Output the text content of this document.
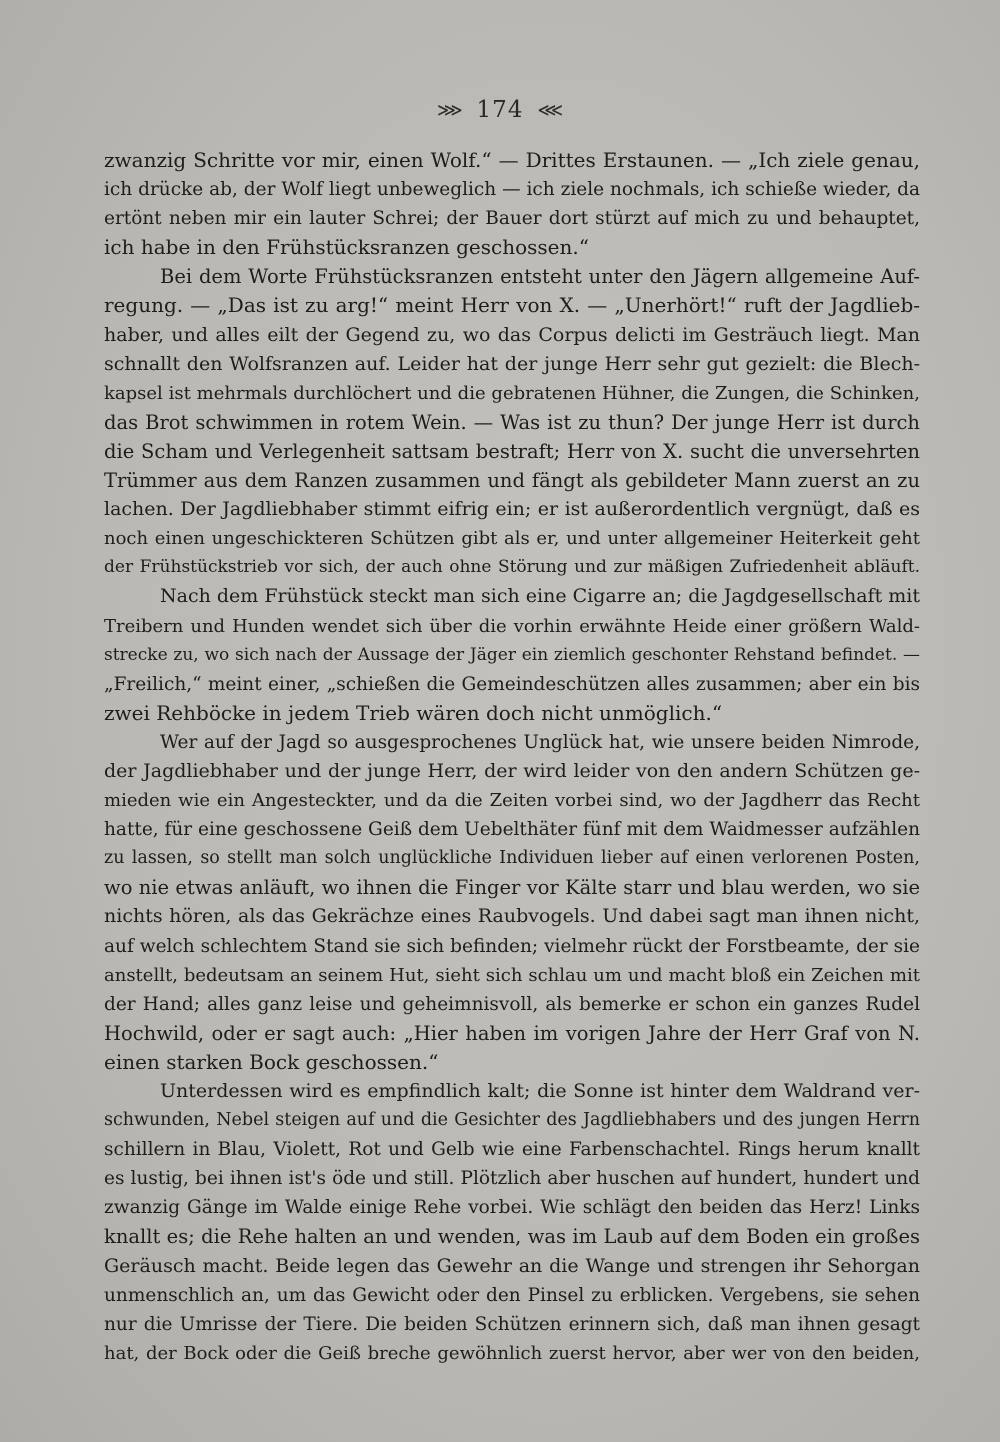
⋙ 174 ⋘
zwanzig Schritte vor mir, einen Wolf.“ — Drittes Erstaunen. — „Ich ziele genau,
ich drücke ab, der Wolf liegt unbeweglich — ich ziele nochmals, ich schieße wieder, da
ertönt neben mir ein lauter Schrei; der Bauer dort stürzt auf mich zu und behauptet,
ich habe in den Frühstücksranzen geschossen.“
Bei dem Worte Frühstücksranzen entsteht unter den Jägern allgemeine Auf-
regung. — „Das ist zu arg!“ meint Herr von X. — „Unerhört!“ ruft der Jagdlieb-
haber, und alles eilt der Gegend zu, wo das Corpus delicti im Gesträuch liegt. Man
schnallt den Wolfsranzen auf. Leider hat der junge Herr sehr gut gezielt: die Blech-
kapsel ist mehrmals durchlöchert und die gebratenen Hühner, die Zungen, die Schinken,
das Brot schwimmen in rotem Wein. — Was ist zu thun? Der junge Herr ist durch
die Scham und Verlegenheit sattsam bestraft; Herr von X. sucht die unversehrten
Trümmer aus dem Ranzen zusammen und fängt als gebildeter Mann zuerst an zu
lachen. Der Jagdliebhaber stimmt eifrig ein; er ist außerordentlich vergnügt, daß es
noch einen ungeschickteren Schützen gibt als er, und unter allgemeiner Heiterkeit geht
der Frühstückstrieb vor sich, der auch ohne Störung und zur mäßigen Zufriedenheit abläuft.
Nach dem Frühstück steckt man sich eine Cigarre an; die Jagdgesellschaft mit
Treibern und Hunden wendet sich über die vorhin erwähnte Heide einer größern Wald-
strecke zu, wo sich nach der Aussage der Jäger ein ziemlich geschonter Rehstand befindet. —
„Freilich,“ meint einer, „schießen die Gemeindeschützen alles zusammen; aber ein bis
zwei Rehböcke in jedem Trieb wären doch nicht unmöglich.“
Wer auf der Jagd so ausgesprochenes Unglück hat, wie unsere beiden Nimrode,
der Jagdliebhaber und der junge Herr, der wird leider von den andern Schützen ge-
mieden wie ein Angesteckter, und da die Zeiten vorbei sind, wo der Jagdherr das Recht
hatte, für eine geschossene Geiß dem Uebelthäter fünf mit dem Waidmesser aufzählen
zu lassen, so stellt man solch unglückliche Individuen lieber auf einen verlorenen Posten,
wo nie etwas anläuft, wo ihnen die Finger vor Kälte starr und blau werden, wo sie
nichts hören, als das Gekrächze eines Raubvogels. Und dabei sagt man ihnen nicht,
auf welch schlechtem Stand sie sich befinden; vielmehr rückt der Forstbeamte, der sie
anstellt, bedeutsam an seinem Hut, sieht sich schlau um und macht bloß ein Zeichen mit
der Hand; alles ganz leise und geheimnisvoll, als bemerke er schon ein ganzes Rudel
Hochwild, oder er sagt auch: „Hier haben im vorigen Jahre der Herr Graf von N.
einen starken Bock geschossen.“
Unterdessen wird es empfindlich kalt; die Sonne ist hinter dem Waldrand ver-
schwunden, Nebel steigen auf und die Gesichter des Jagdliebhabers und des jungen Herrn
schillern in Blau, Violett, Rot und Gelb wie eine Farbenschachtel. Rings herum knallt
es lustig, bei ihnen ist's öde und still. Plötzlich aber huschen auf hundert, hundert und
zwanzig Gänge im Walde einige Rehe vorbei. Wie schlägt den beiden das Herz! Links
knallt es; die Rehe halten an und wenden, was im Laub auf dem Boden ein großes
Geräusch macht. Beide legen das Gewehr an die Wange und strengen ihr Sehorgan
unmenschlich an, um das Gewicht oder den Pinsel zu erblicken. Vergebens, sie sehen
nur die Umrisse der Tiere. Die beiden Schützen erinnern sich, daß man ihnen gesagt
hat, der Bock oder die Geiß breche gewöhnlich zuerst hervor, aber wer von den beiden,
